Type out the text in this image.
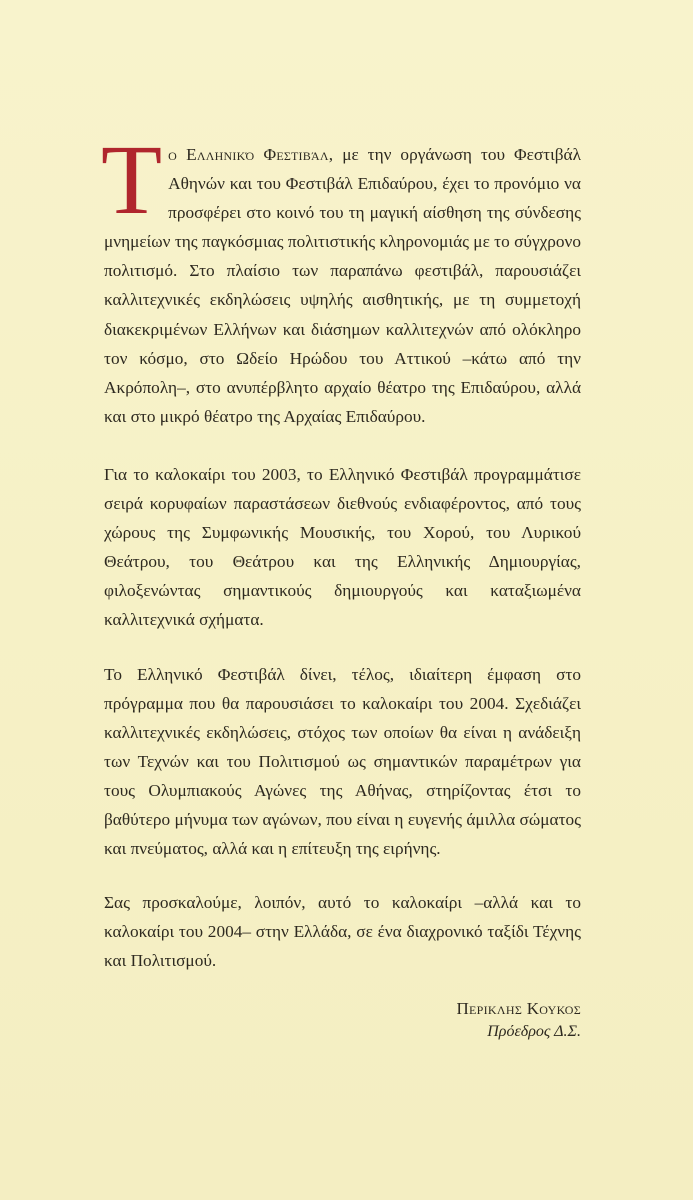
Το Ελληνικό Φεστιβάλ, με την οργάνωση του Φεστιβάλ Αθηνών και του Φεστιβάλ Επιδαύρου, έχει το προνόμιο να προσφέρει στο κοινό του τη μαγική αίσθηση της σύνδεσης μνημείων της παγκόσμιας πολιτιστικής κληρονομιάς με το σύγχρονο πολιτισμό. Στο πλαίσιο των παραπάνω φεστιβάλ, παρουσιάζει καλλιτεχνικές εκδηλώσεις υψηλής αισθητικής, με τη συμμετοχή διακεκριμένων Ελλήνων και διάσημων καλλιτεχνών από ολόκληρο τον κόσμο, στο Ωδείο Ηρώδου του Αττικού –κάτω από την Ακρόπολη–, στο ανυπέρβλητο αρχαίο θέατρο της Επιδαύρου, αλλά και στο μικρό θέατρο της Αρχαίας Επιδαύρου.

Για το καλοκαίρι του 2003, το Ελληνικό Φεστιβάλ προγραμμάτισε σειρά κορυφαίων παραστάσεων διεθνούς ενδιαφέροντος, από τους χώρους της Συμφωνικής Μουσικής, του Χορού, του Λυρικού Θεάτρου, του Θεάτρου και της Ελληνικής Δημιουργίας, φιλοξενώντας σημαντικούς δημιουργούς και καταξιωμένα καλλιτεχνικά σχήματα.

Το Ελληνικό Φεστιβάλ δίνει, τέλος, ιδιαίτερη έμφαση στο πρόγραμμα που θα παρουσιάσει το καλοκαίρι του 2004. Σχεδιάζει καλλιτεχνικές εκδηλώσεις, στόχος των οποίων θα είναι η ανάδειξη των Τεχνών και του Πολιτισμού ως σημαντικών παραμέτρων για τους Ολυμπιακούς Αγώνες της Αθήνας, στηρίζοντας έτσι το βαθύτερο μήνυμα των αγώνων, που είναι η ευγενής άμιλλα σώματος και πνεύματος, αλλά και η επίτευξη της ειρήνης.

Σας προσκαλούμε, λοιπόν, αυτό το καλοκαίρι –αλλά και το καλοκαίρι του 2004– στην Ελλάδα, σε ένα διαχρονικό ταξίδι Τέχνης και Πολιτισμού.

Περικλης Κουκος
Πρόεδρος Δ.Σ.
